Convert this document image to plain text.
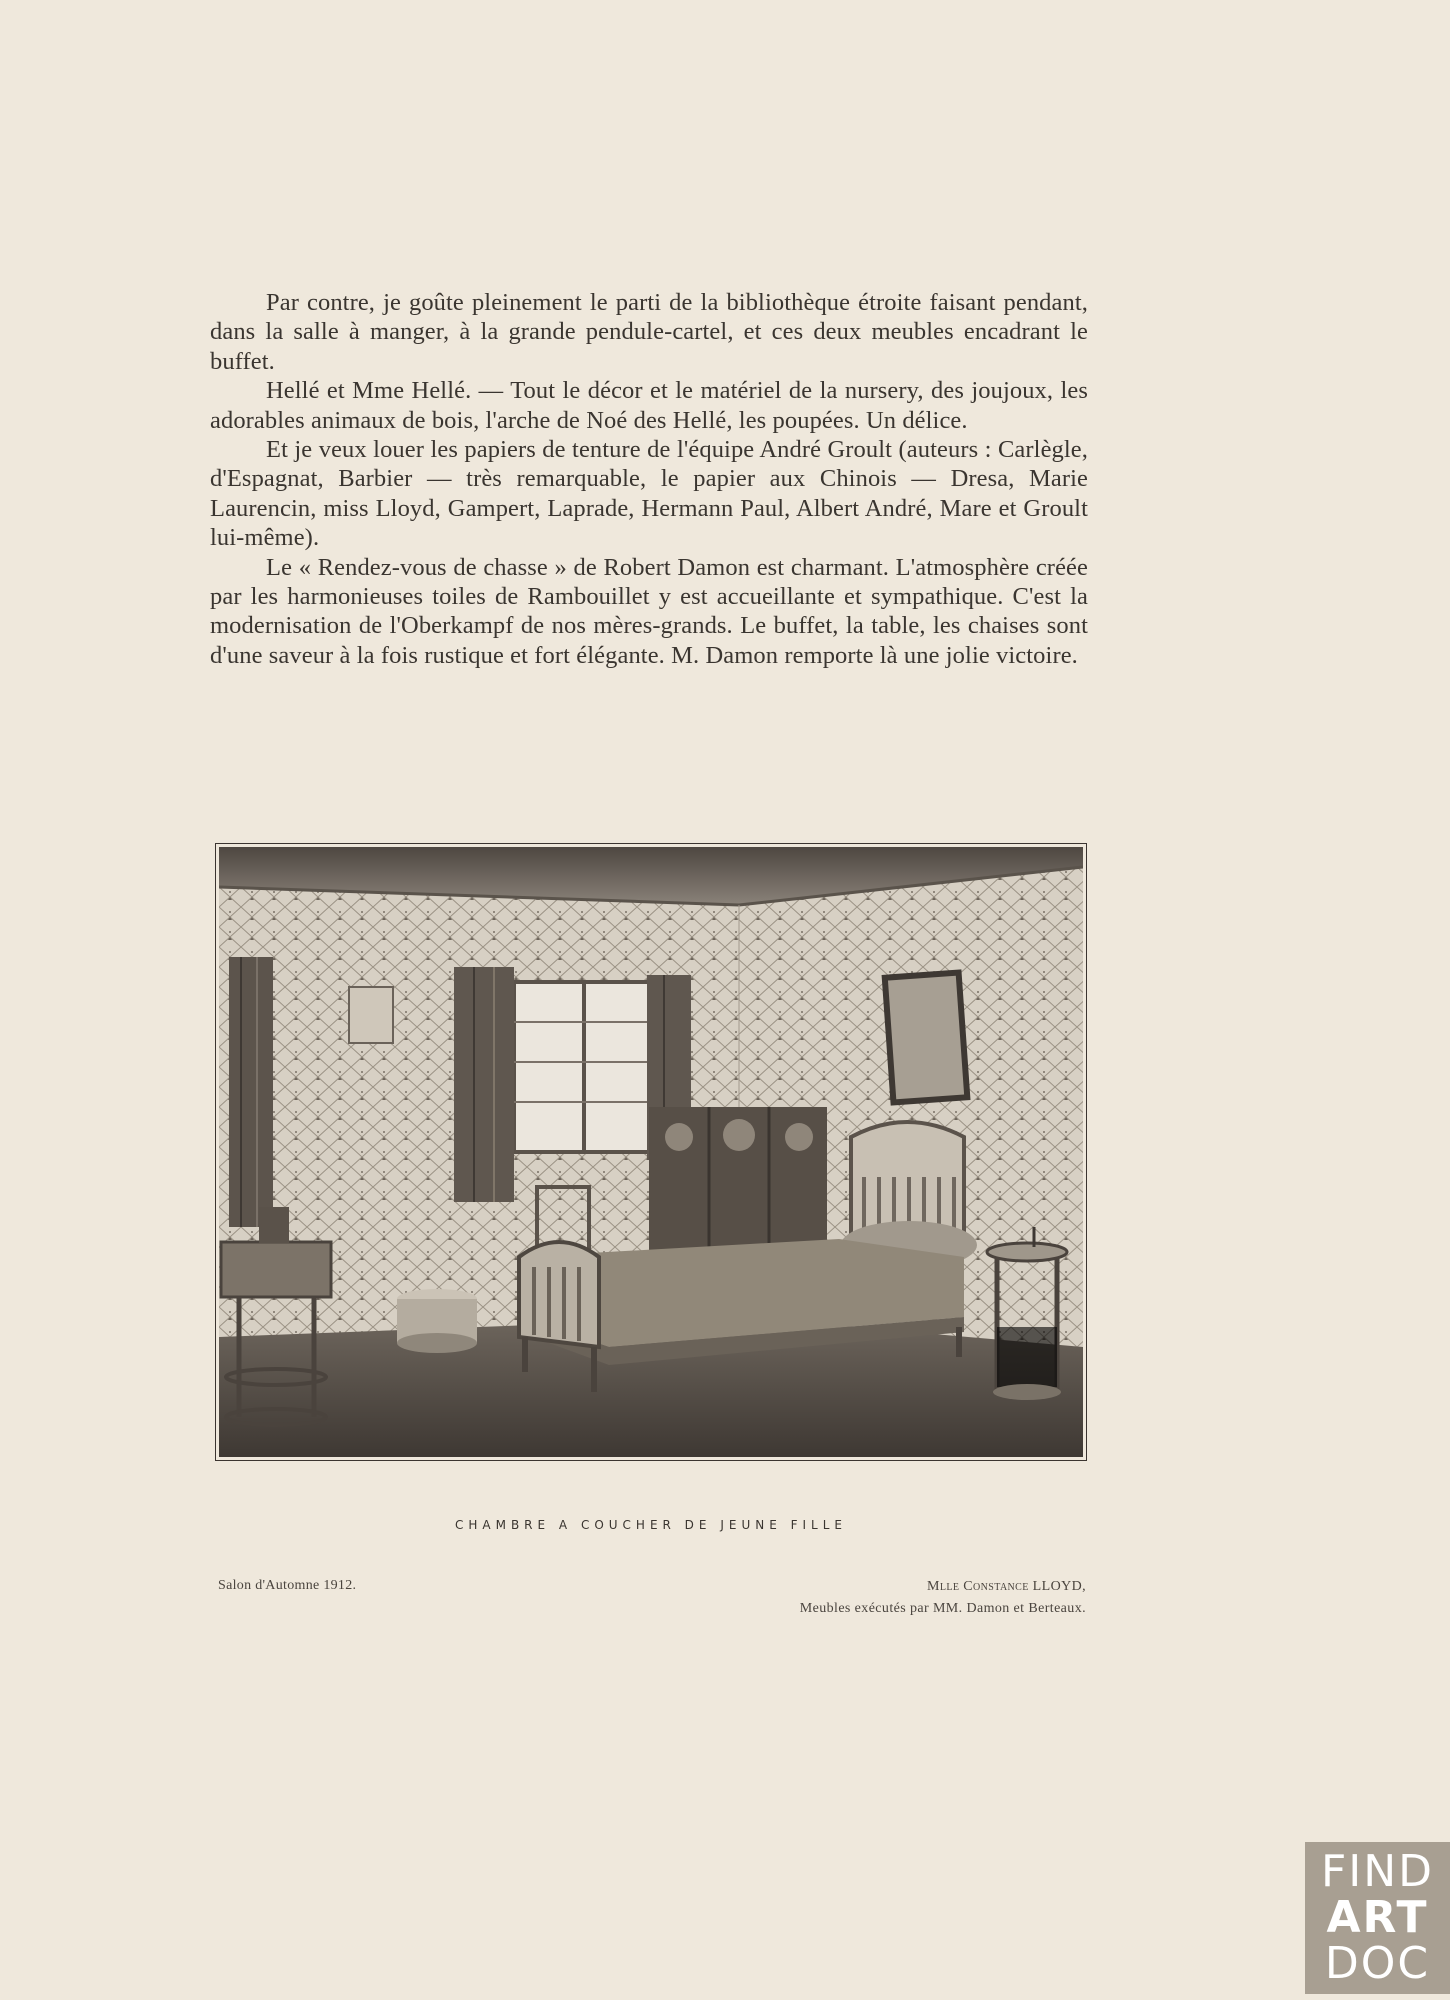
Par contre, je goûte pleinement le parti de la bibliothèque étroite faisant pendant, dans la salle à manger, à la grande pendule-cartel, et ces deux meubles encadrant le buffet.

Hellé et Mme Hellé. — Tout le décor et le matériel de la nursery, des joujoux, les adorables animaux de bois, l'arche de Noé des Hellé, les poupées. Un délice.

Et je veux louer les papiers de tenture de l'équipe André Groult (auteurs : Carlègle, d'Espagnat, Barbier — très remarquable, le papier aux Chinois — Dresa, Marie Laurencin, miss Lloyd, Gampert, Laprade, Hermann Paul, Albert André, Mare et Groult lui-même).

Le « Rendez-vous de chasse » de Robert Damon est charmant. L'atmosphère créée par les harmonieuses toiles de Rambouillet y est accueillante et sympathique. C'est la modernisation de l'Oberkampf de nos mères-grands. Le buffet, la table, les chaises sont d'une saveur à la fois rustique et fort élégante. M. Damon remporte là une jolie victoire.

CHAMBRE A COUCHER DE JEUNE FILLE
Salon d'Automne 1912.	Mlle Constance LLOYD,
Meubles exécutés par MM. Damon et Berteaux.
FIND
ART
DOC
